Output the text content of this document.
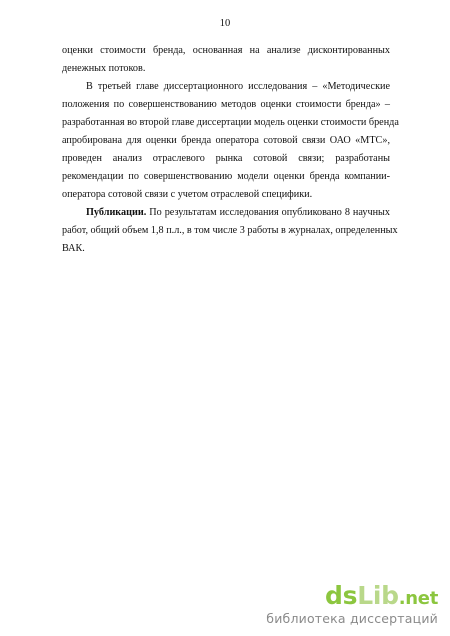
10
оценки стоимости бренда, основанная на анализе дисконтированных
денежных потоков.
В третьей главе диссертационного исследования – «Методические
положения по совершенствованию методов оценки стоимости бренда» –
разработанная во второй главе диссертации модель оценки стоимости бренда
апробирована для оценки бренда оператора сотовой связи ОАО «МТС»,
проведен анализ отраслевого рынка сотовой связи; разработаны
рекомендации по совершенствованию модели оценки бренда компании-
оператора сотовой связи с учетом отраслевой специфики.
Публикации. По результатам исследования опубликовано 8 научных
работ, общий объем 1,8 п.л., в том числе 3 работы в журналах, определенных
ВАК.
dsLib.net
библиотека диссертаций
